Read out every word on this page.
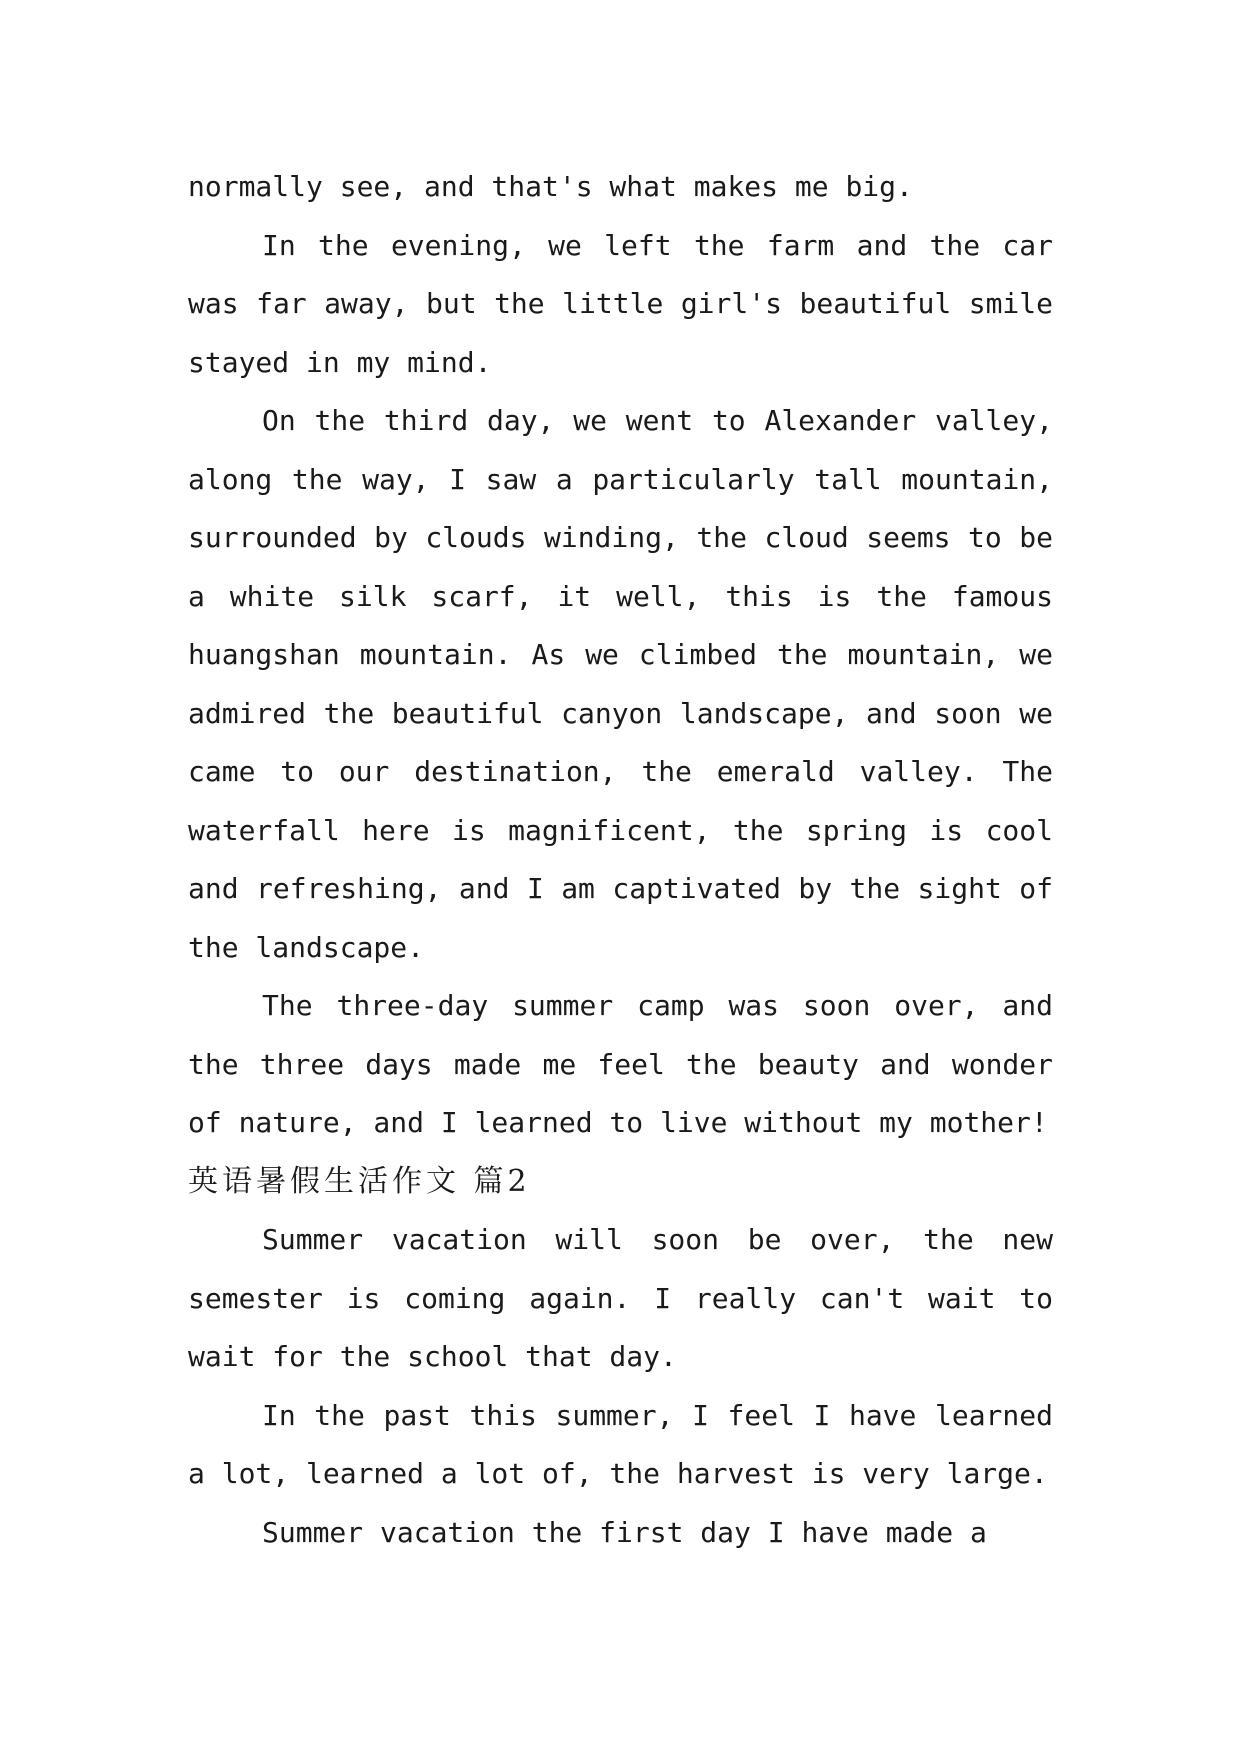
normally see, and that's what makes me big.

In the evening, we left the farm and the car was far away, but the little girl's beautiful smile stayed in my mind.

On the third day, we went to Alexander valley, along the way, I saw a particularly tall mountain, surrounded by clouds winding, the cloud seems to be a white silk scarf, it well, this is the famous huangshan mountain. As we climbed the mountain, we admired the beautiful canyon landscape, and soon we came to our destination, the emerald valley. The waterfall here is magnificent, the spring is cool and refreshing, and I am captivated by the sight of the landscape.

The three-day summer camp was soon over, and the three days made me feel the beauty and wonder of nature, and I learned to live without my mother!

英语暑假生活作文 篇2

Summer vacation will soon be over, the new semester is coming again. I really can't wait to wait for the school that day.

In the past this summer, I feel I have learned a lot, learned a lot of, the harvest is very large.

Summer vacation the first day I have made a
